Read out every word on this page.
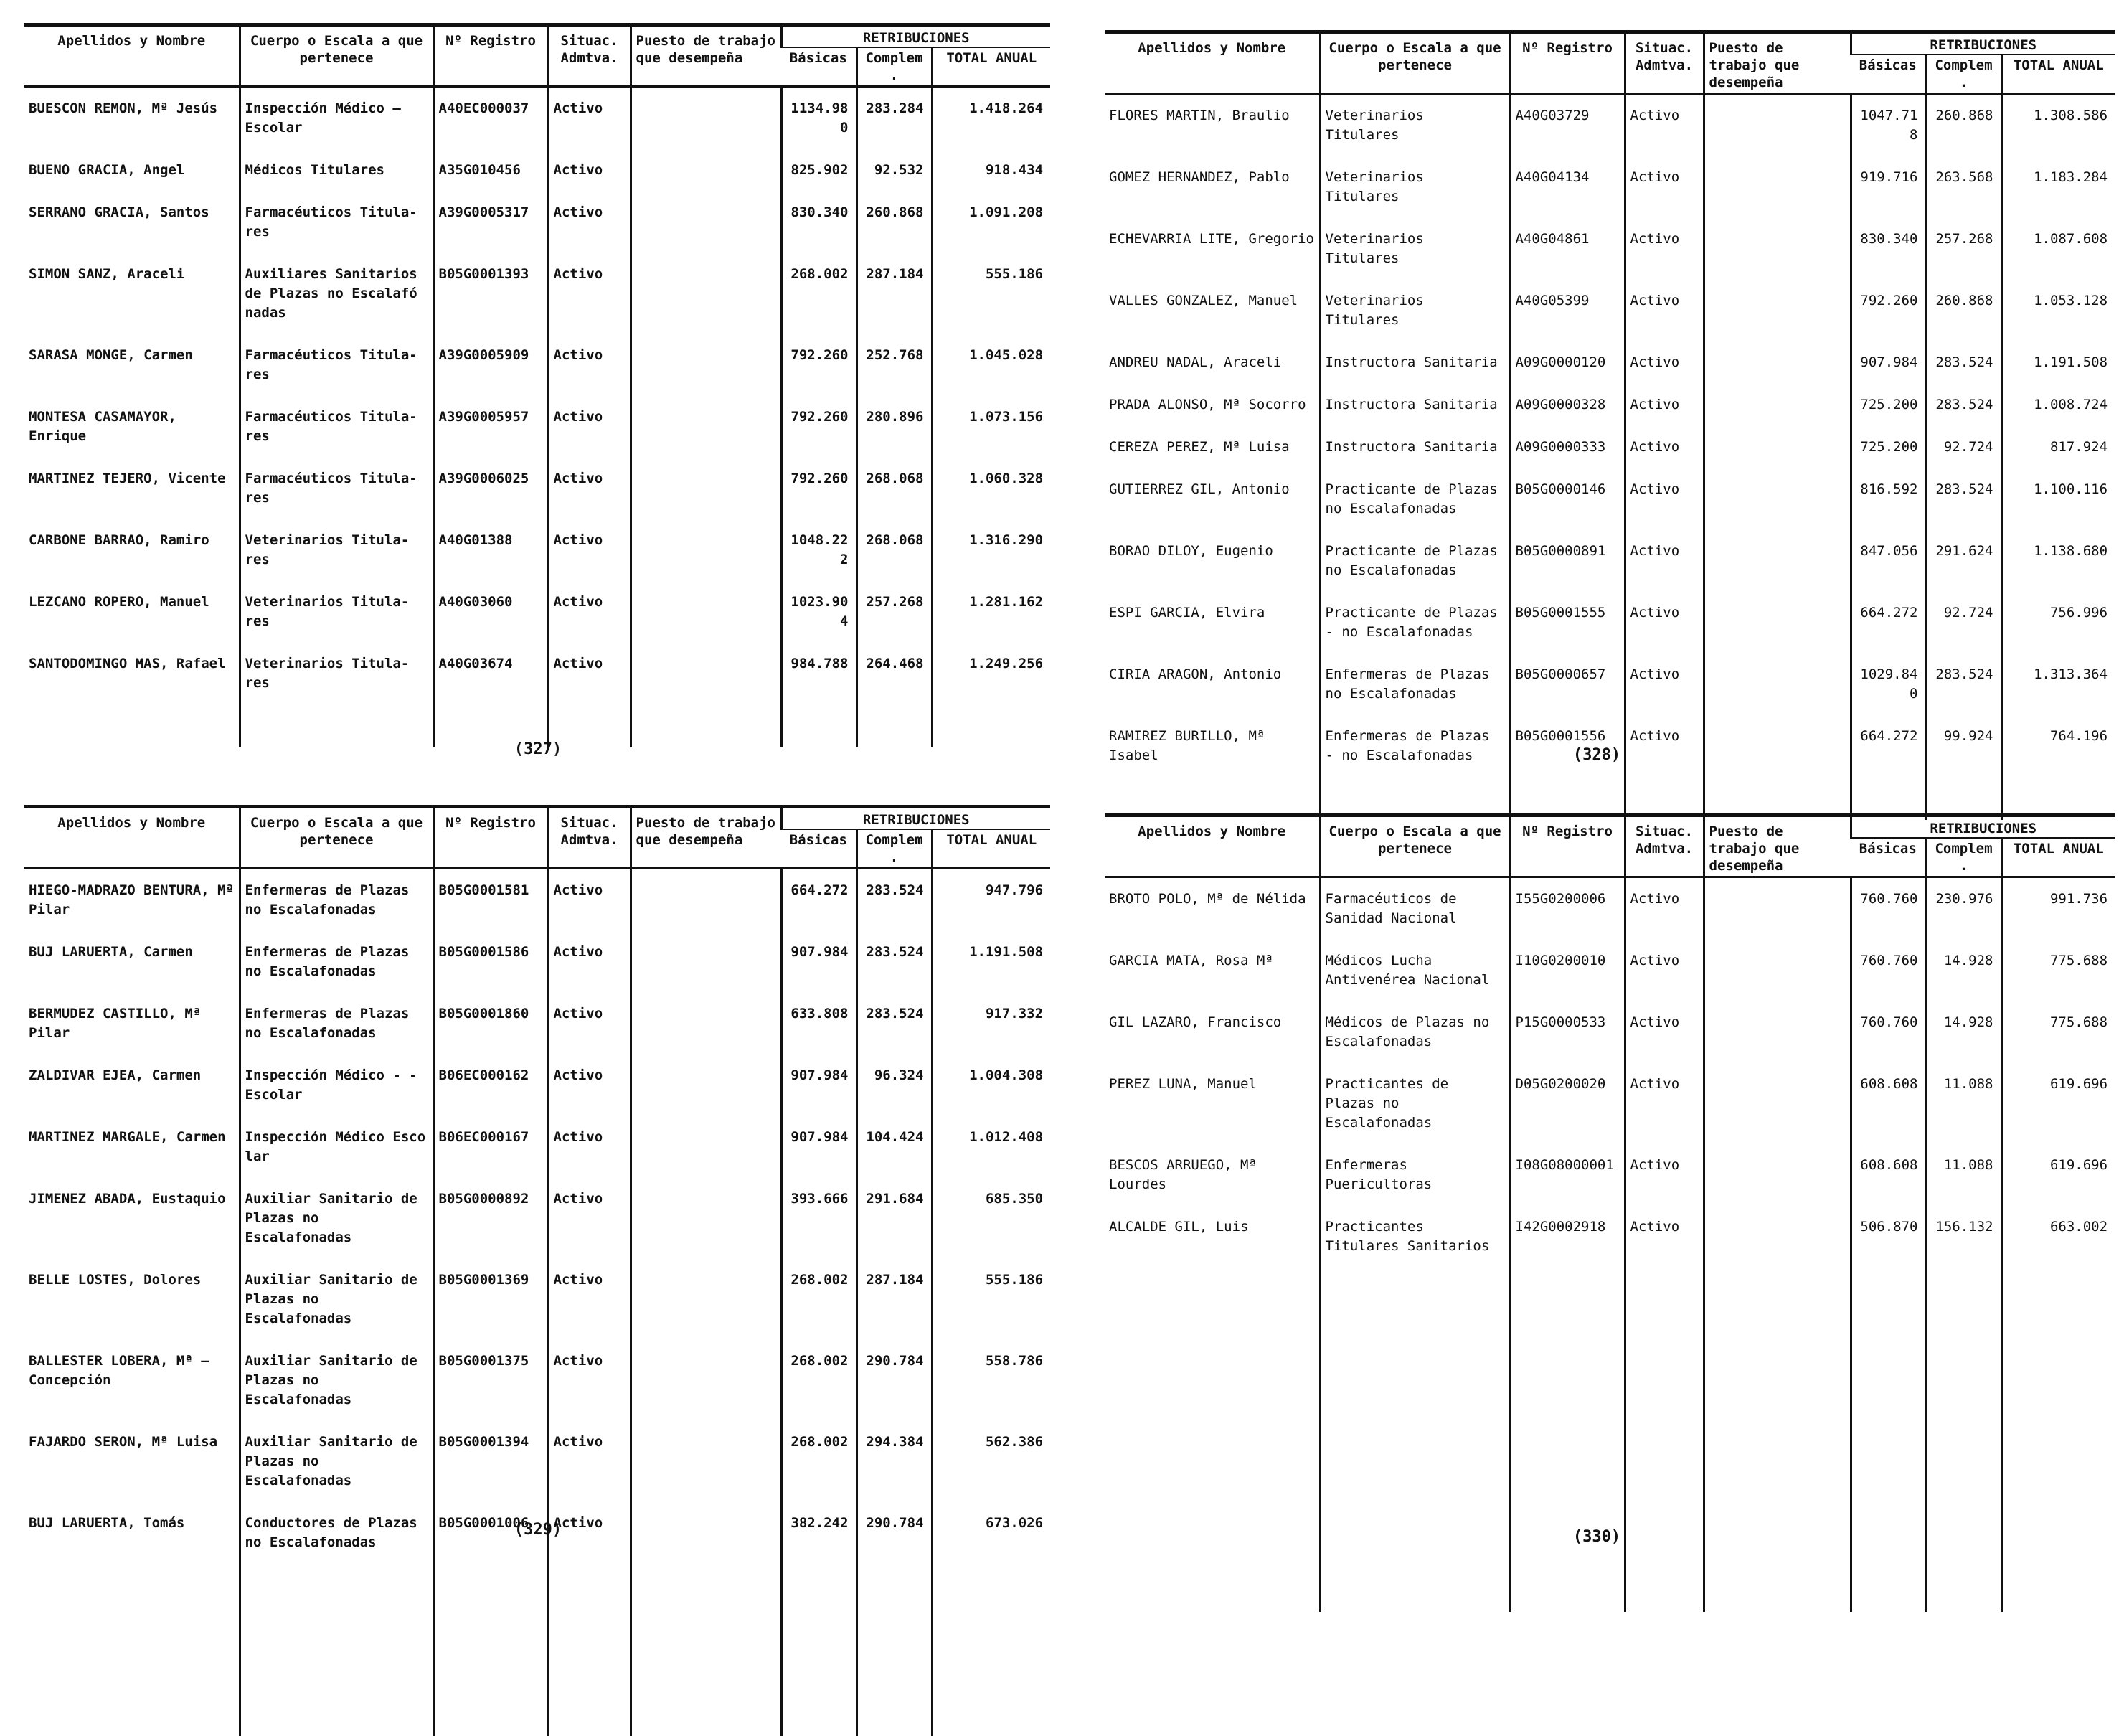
Apellidos y Nombre	Cuerpo o Escala a que pertenece	Nº Registro	Situac. Admtva.	Puesto de trabajo que desempeña	RETRIBUCIONES		
					Básicas	Complem.	TOTAL ANUAL
BUESCON REMON, Mª Jesús	Inspección Médico — Escolar	A40EC000037	Activo		1134.980	283.284	1.418.264
BUENO GRACIA, Angel	Médicos Titulares	A35G010456	Activo		825.902	92.532	918.434
SERRANO GRACIA, Santos	Farmacéuticos Titula-res	A39G0005317	Activo		830.340	260.868	1.091.208
SIMON SANZ, Araceli	Auxiliares Sanitarios de Plazas no Escalafó nadas	B05G0001393	Activo		268.002	287.184	555.186
SARASA MONGE, Carmen	Farmacéuticos Titula-res	A39G0005909	Activo		792.260	252.768	1.045.028
MONTESA CASAMAYOR, Enrique	Farmacéuticos Titula-res	A39G0005957	Activo		792.260	280.896	1.073.156
MARTINEZ TEJERO, Vicente	Farmacéuticos Titula-res	A39G0006025	Activo		792.260	268.068	1.060.328
CARBONE BARRAO, Ramiro	Veterinarios Titula-res	A40G01388	Activo		1048.222	268.068	1.316.290
LEZCANO ROPERO, Manuel	Veterinarios Titula-res	A40G03060	Activo		1023.904	257.268	1.281.162
SANTODOMINGO MAS, Rafael	Veterinarios Titula-res	A40G03674	Activo		984.788	264.468	1.249.256

(327)
Apellidos y Nombre	Cuerpo o Escala a que pertenece	Nº Registro	Situac. Admtva.	Puesto de trabajo que desempeña	RETRIBUCIONES		
					Básicas	Complem.	TOTAL ANUAL
FLORES MARTIN, Braulio	Veterinarios Titulares	A40G03729	Activo		1047.718	260.868	1.308.586
GOMEZ HERNANDEZ, Pablo	Veterinarios Titulares	A40G04134	Activo		919.716	263.568	1.183.284
ECHEVARRIA LITE, Gregorio	Veterinarios Titulares	A40G04861	Activo		830.340	257.268	1.087.608
VALLES GONZALEZ, Manuel	Veterinarios Titulares	A40G05399	Activo		792.260	260.868	1.053.128
ANDREU NADAL, Araceli	Instructora Sanitaria	A09G0000120	Activo		907.984	283.524	1.191.508
PRADA ALONSO, Mª Socorro	Instructora Sanitaria	A09G0000328	Activo		725.200	283.524	1.008.724
CEREZA PEREZ, Mª Luisa	Instructora Sanitaria	A09G0000333	Activo		725.200	92.724	817.924
GUTIERREZ GIL, Antonio	Practicante de Plazas no Escalafonadas	B05G0000146	Activo		816.592	283.524	1.100.116
BORAO DILOY, Eugenio	Practicante de Plazas no Escalafonadas	B05G0000891	Activo		847.056	291.624	1.138.680
ESPI GARCIA, Elvira	Practicante de Plazas - no Escalafonadas	B05G0001555	Activo		664.272	92.724	756.996
CIRIA ARAGON, Antonio	Enfermeras de Plazas no Escalafonadas	B05G0000657	Activo		1029.840	283.524	1.313.364
RAMIREZ BURILLO, Mª Isabel	Enfermeras de Plazas - no Escalafonadas	B05G0001556	Activo		664.272	99.924	764.196

(328)
Apellidos y Nombre	Cuerpo o Escala a que pertenece	Nº Registro	Situac. Admtva.	Puesto de trabajo que desempeña	RETRIBUCIONES		
					Básicas	Complem.	TOTAL ANUAL
HIEGO-MADRAZO BENTURA, Mª Pilar	Enfermeras de Plazas no Escalafonadas	B05G0001581	Activo		664.272	283.524	947.796
BUJ LARUERTA, Carmen	Enfermeras de Plazas no Escalafonadas	B05G0001586	Activo		907.984	283.524	1.191.508
BERMUDEZ CASTILLO, Mª Pilar	Enfermeras de Plazas no Escalafonadas	B05G0001860	Activo		633.808	283.524	917.332
ZALDIVAR EJEA, Carmen	Inspección Médico - - Escolar	B06EC000162	Activo		907.984	96.324	1.004.308
MARTINEZ MARGALE, Carmen	Inspección Médico Esco lar	B06EC000167	Activo		907.984	104.424	1.012.408
JIMENEZ ABADA, Eustaquio	Auxiliar Sanitario de Plazas no Escalafonadas	B05G0000892	Activo		393.666	291.684	685.350
BELLE LOSTES, Dolores	Auxiliar Sanitario de Plazas no Escalafonadas	B05G0001369	Activo		268.002	287.184	555.186
BALLESTER LOBERA, Mª — Concepción	Auxiliar Sanitario de Plazas no Escalafonadas	B05G0001375	Activo		268.002	290.784	558.786
FAJARDO SERON, Mª Luisa	Auxiliar Sanitario de Plazas no Escalafonadas	B05G0001394	Activo		268.002	294.384	562.386
BUJ LARUERTA, Tomás	Conductores de Plazas no Escalafonadas	B05G0001006	Activo		382.242	290.784	673.026

(329)
Apellidos y Nombre	Cuerpo o Escala a que pertenece	Nº Registro	Situac. Admtva.	Puesto de trabajo que desempeña	RETRIBUCIONES		
					Básicas	Complem.	TOTAL ANUAL
BROTO POLO, Mª de Nélida	Farmacéuticos de Sanidad Nacional	I55G0200006	Activo		760.760	230.976	991.736
GARCIA MATA, Rosa Mª	Médicos Lucha Antivenérea Nacional	I10G0200010	Activo		760.760	14.928	775.688
GIL LAZARO, Francisco	Médicos de Plazas no Escalafonadas	P15G0000533	Activo		760.760	14.928	775.688
PEREZ LUNA, Manuel	Practicantes de Plazas no Escalafonadas	D05G0200020	Activo		608.608	11.088	619.696
BESCOS ARRUEGO, Mª Lourdes	Enfermeras Puericultoras	I08G08000001	Activo		608.608	11.088	619.696
ALCALDE GIL, Luis	Practicantes Titulares Sanitarios	I42G0002918	Activo		506.870	156.132	663.002

(330)
